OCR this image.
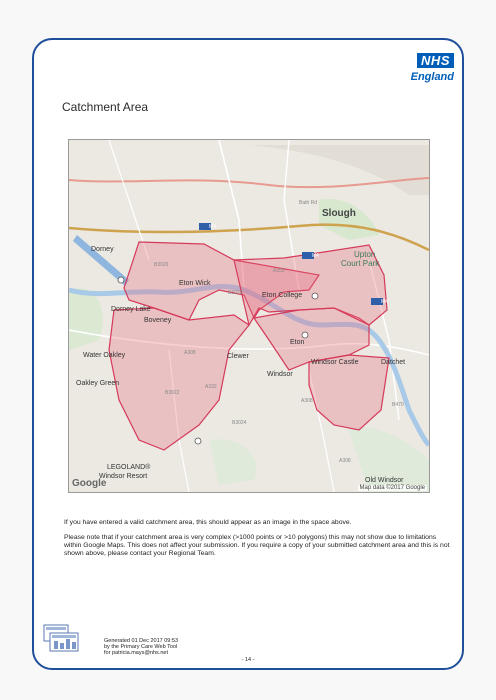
NHS
England
Catchment Area
Slough
Upton
Court Park
Dorney
Eton Wick
Eton College
Dorney Lake
Boveney
Eton
Water Oakley	Clewer
Windsor Castle	Datchet
Windsor
Oakley Green
LEGOLAND®
Windsor Resort
Old Windsor
M4
M4
M4
Bath Rd
B3026
B3026
A355
A308
A308
B3022
A332
B3024
B470
A308
Google	Map data ©2017 Google
If you have entered a valid catchment area, this should appear as an image in the space above.
Please note that if your catchment area is very complex (>1000 points or >10 polygons) this may not show due to limitations within Google Maps. This does not affect your submission. If you require a copy of your submitted catchment area and this is not shown above, please contact your Regional Team.
Generated 01 Dec 2017 09:53
by the Primary Care Web Tool
for patricia.mays@nhs.net
- 14 -
